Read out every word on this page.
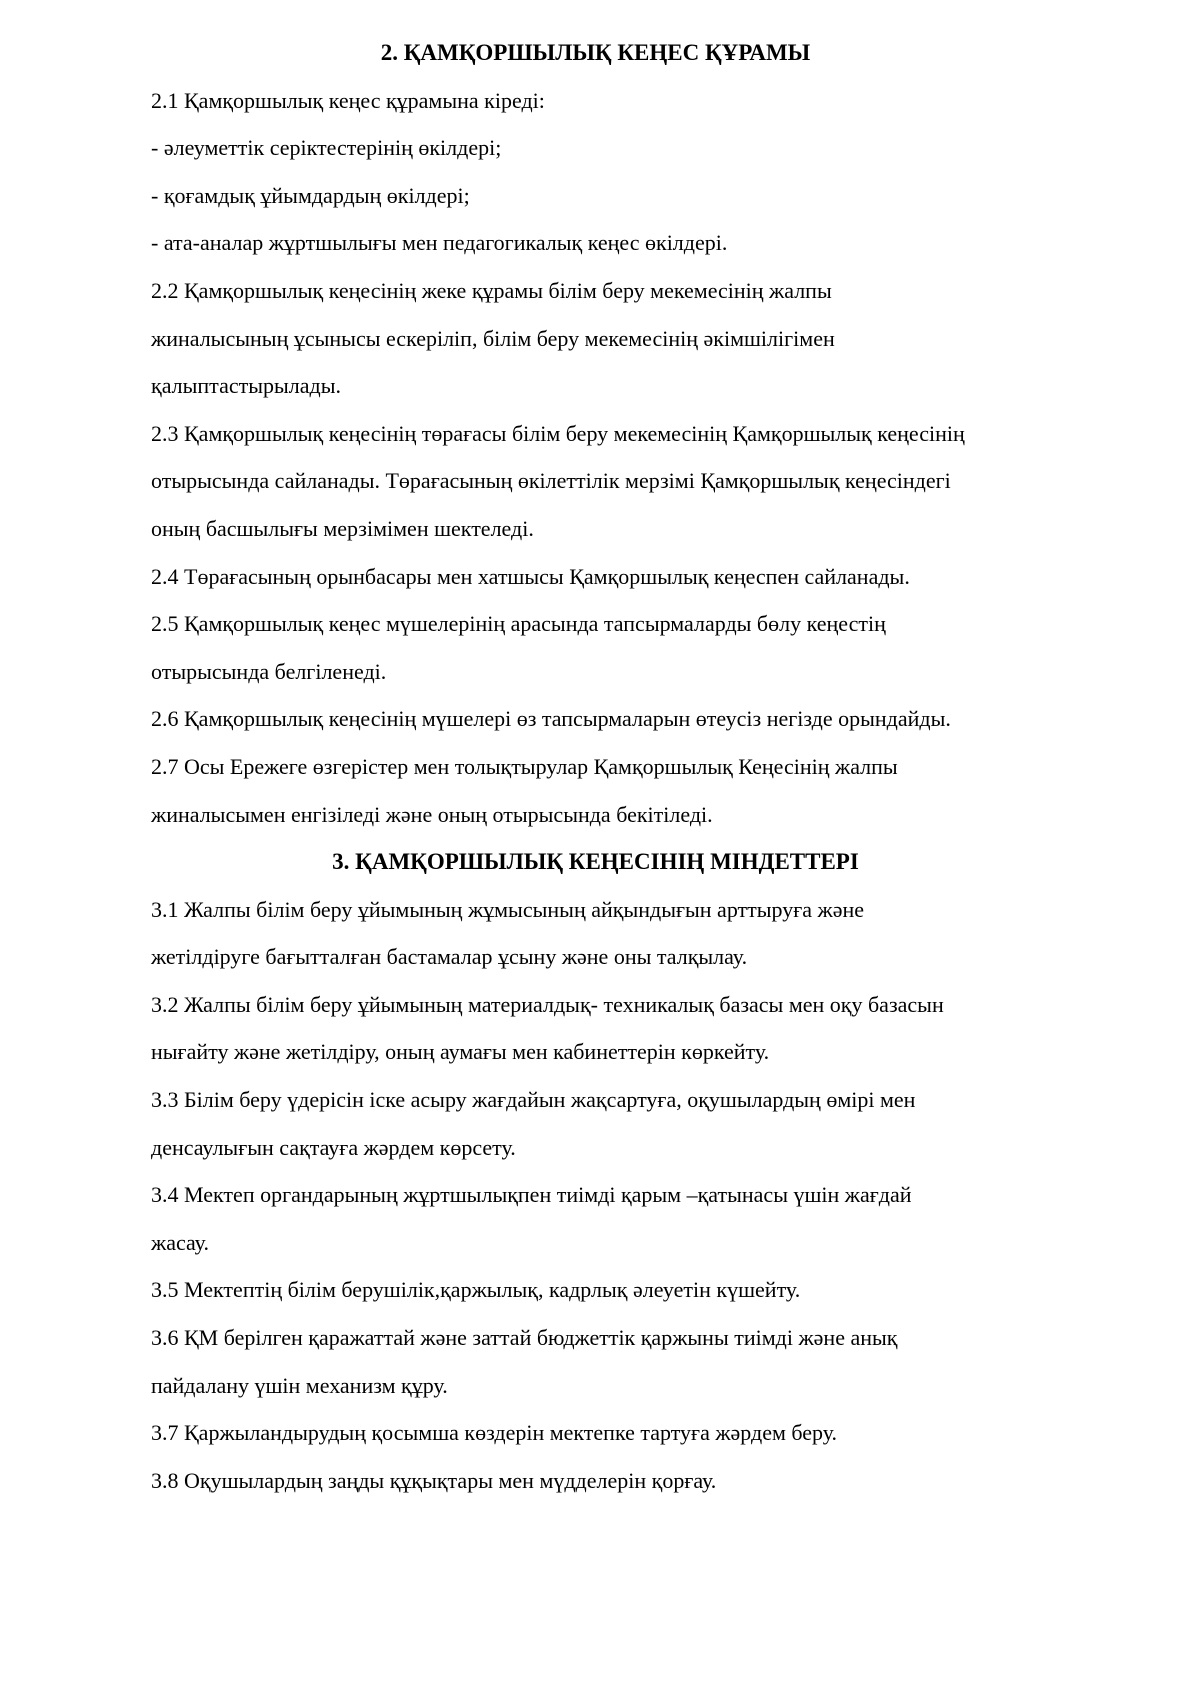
2. ҚАМҚОРШЫЛЫҚ КЕҢЕС ҚҰРАМЫ
2.1 Қамқоршылық кеңес құрамына кіреді:
- әлеуметтік серіктестерінің өкілдері;
- қоғамдық ұйымдардың өкілдері;
- ата-аналар жұртшылығы мен педагогикалық кеңес өкілдері.
2.2 Қамқоршылық кеңесінің жеке құрамы білім беру мекемесінің жалпы
жиналысының ұсынысы ескеріліп, білім беру мекемесінің әкімшілігімен
қалыптастырылады.
2.3 Қамқоршылық кеңесінің төрағасы білім беру мекемесінің Қамқоршылық кеңесінің
отырысында сайланады. Төрағасының өкілеттілік мерзімі Қамқоршылық кеңесіндегі
оның басшылығы мерзімімен шектеледі.
2.4 Төрағасының орынбасары мен хатшысы Қамқоршылық кеңеспен сайланады.
2.5 Қамқоршылық кеңес мүшелерінің арасында тапсырмаларды бөлу кеңестің
отырысында белгіленеді.
2.6 Қамқоршылық кеңесінің мүшелері өз тапсырмаларын өтеусіз негізде орындайды.
2.7 Осы Ережеге өзгерістер мен толықтырулар Қамқоршылық Кеңесінің жалпы
жиналысымен енгізіледі және оның отырысында бекітіледі.
3. ҚАМҚОРШЫЛЫҚ КЕҢЕСІНІҢ МІНДЕТТЕРІ
3.1 Жалпы білім беру ұйымының жұмысының айқындығын арттыруға және
жетілдіруге бағытталған бастамалар ұсыну және оны талқылау.
3.2 Жалпы білім беру ұйымының материалдық- техникалық базасы мен оқу базасын
нығайту және жетілдіру, оның аумағы мен кабинеттерін көркейту.
3.3 Білім беру үдерісін іске асыру жағдайын жақсартуға, оқушылардың өмірі мен
денсаулығын сақтауға жәрдем көрсету.
3.4 Мектеп органдарының жұртшылықпен тиімді қарым –қатынасы үшін жағдай
жасау.
3.5 Мектептің білім берушілік,қаржылық, кадрлық әлеуетін күшейту.
3.6 ҚМ берілген қаражаттай және заттай бюджеттік қаржыны тиімді және анық
пайдалану үшін механизм құру.
3.7 Қаржыландырудың қосымша көздерін мектепке тартуға жәрдем беру.
3.8 Оқушылардың заңды құқықтары мен мүдделерін қорғау.
